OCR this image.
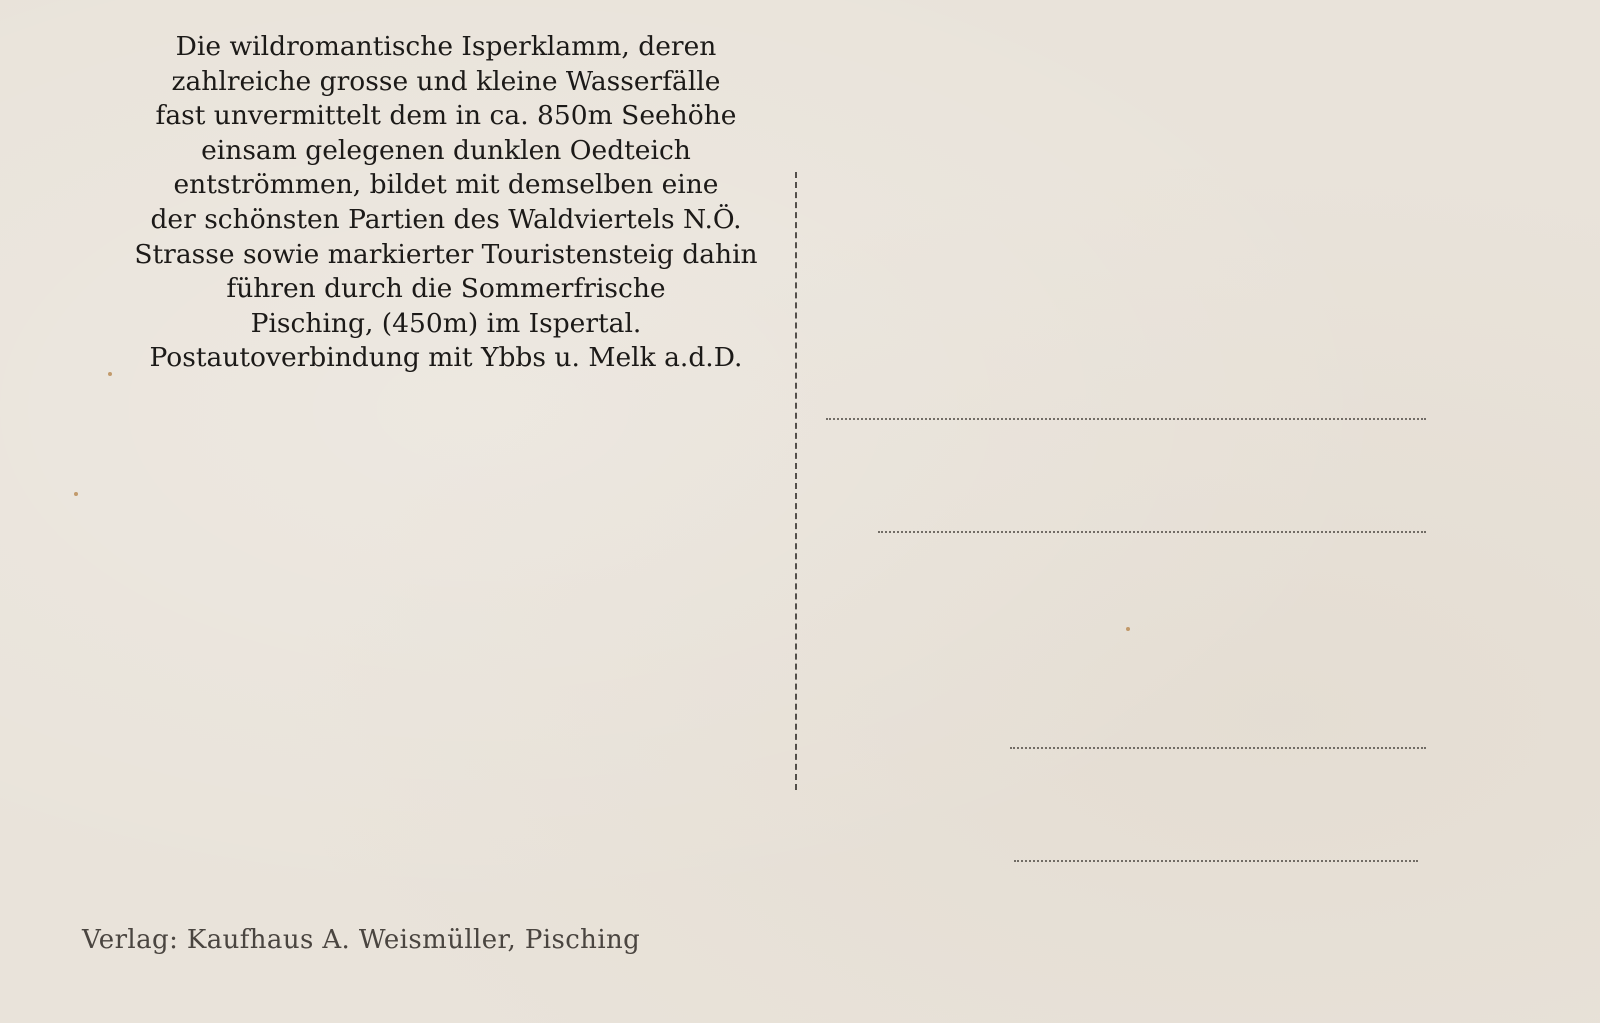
Die wildromantische Isperklamm, deren
zahlreiche grosse und kleine Wasserfälle
fast unvermittelt dem in ca. 850m Seehöhe
einsam gelegenen dunklen Oedteich
entströmmen, bildet mit demselben eine
der schönsten Partien des Waldviertels N.Ö.
Strasse sowie markierter Touristensteig dahin
führen durch die Sommerfrische
Pisching, (450m) im Ispertal.
Postautoverbindung mit Ybbs u. Melk a.d.D.

Verlag: Kaufhaus A. Weismüller, Pisching
